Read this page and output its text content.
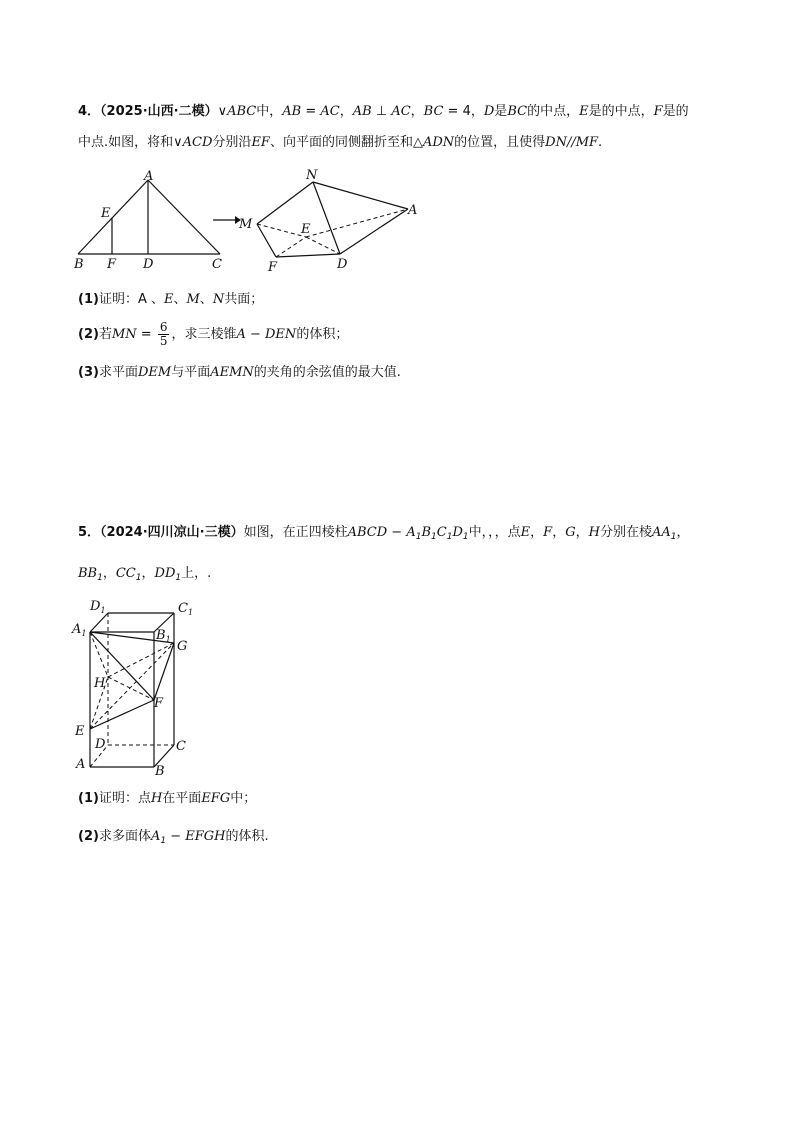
4．（2025·山西·二模）∨ABC中，AB = AC，AB ⊥ AC，BC = 4，D是BC的中点，E是的中点，F是的
中点.如图，将和∨ACD分别沿EF、向平面的同侧翻折至和△ADN的位置，且使得DN//MF.
A
E
B F D	C
N
A
M	E
F	D
(1)证明：A 、E、M、N共面；
(2)若MN = $\frac{6}{5}$ ，求三棱锥A − DEN的体积；
(3)求平面DEM与平面AEMN的夹角的余弦值的最大值.
5．（2024·四川凉山·三模）如图，在正四棱柱ABCD − $A_1B_1C_1D_1$中，，，点E，F，G，H分别在棱$AA_1$，
$BB_1$，$CC_1$，$DD_1$上，.
$D_1$	$C_1$
$A_1$	$B_1$ G
H
F
E
D	C
A	B
(1)证明：点H在平面EFG中；
(2)求多面体$A_1$ − EFGH的体积.
